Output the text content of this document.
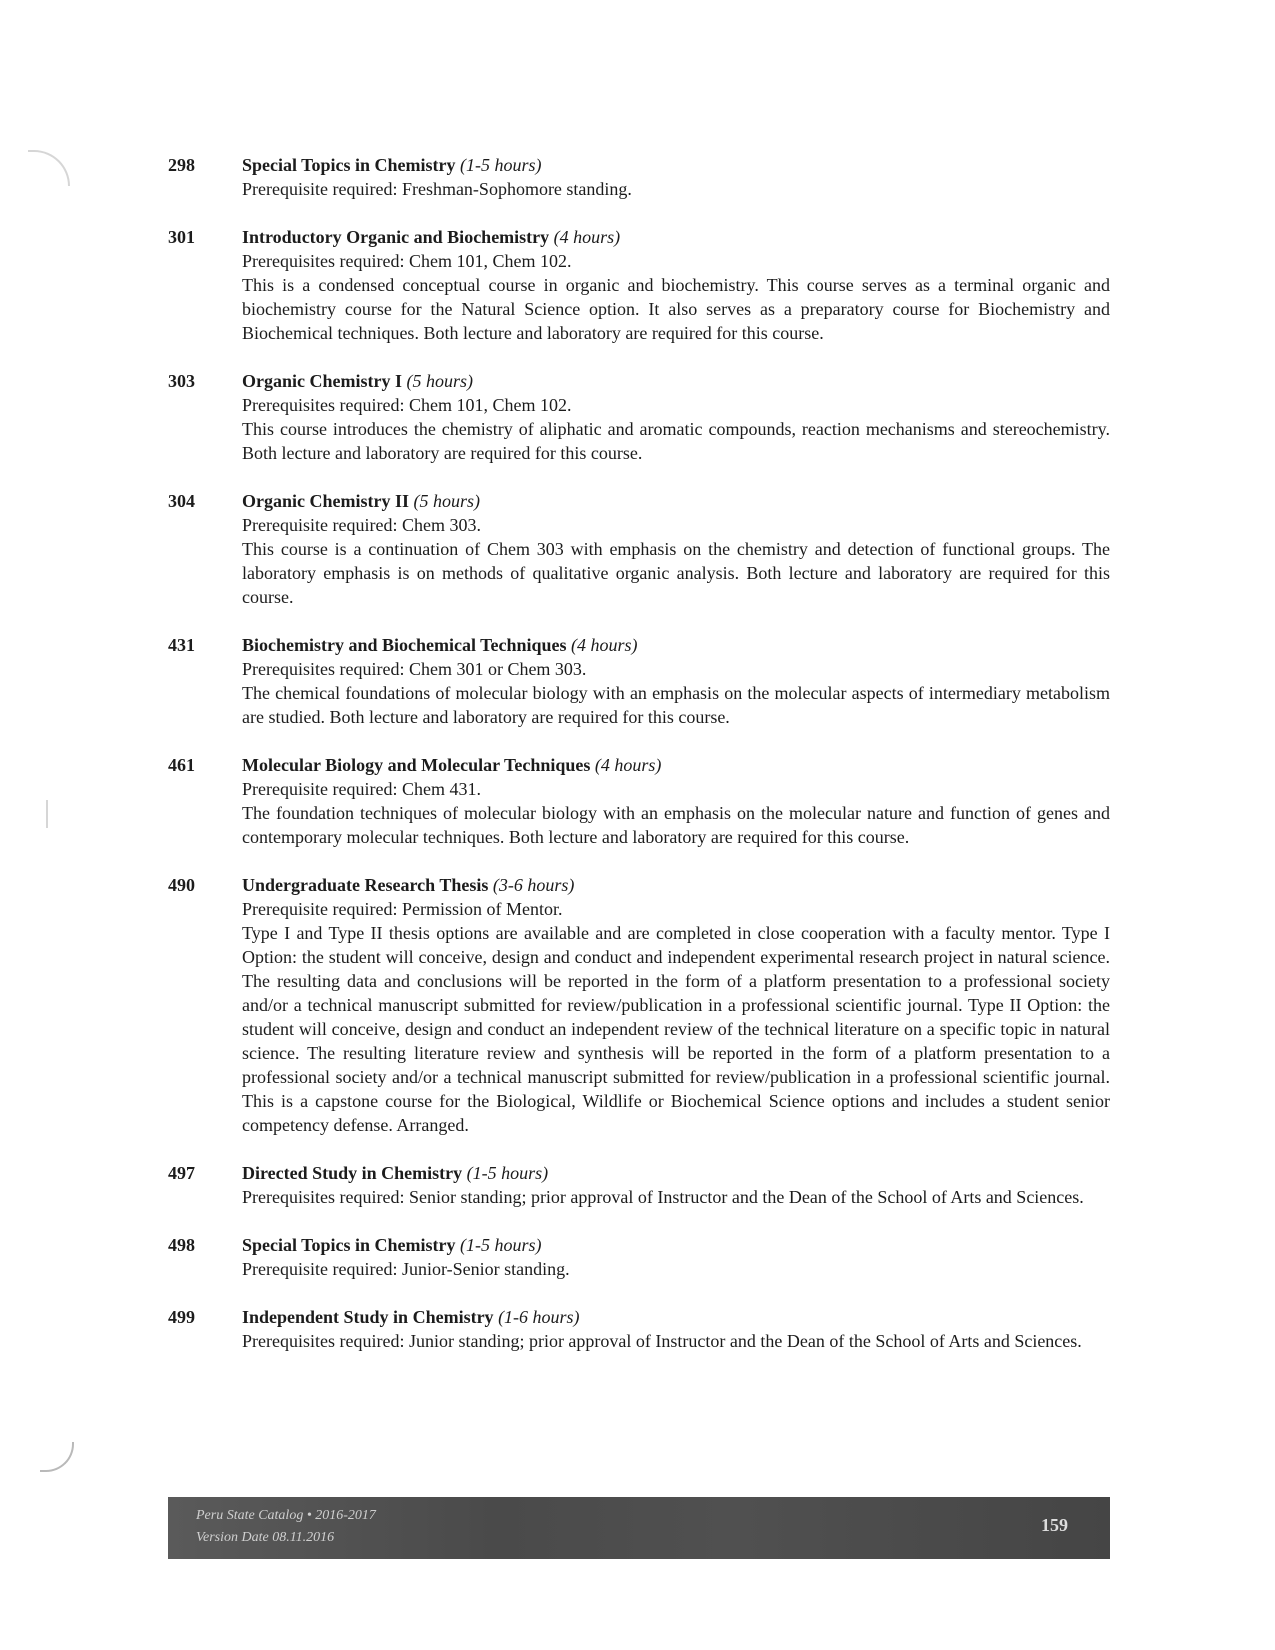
298	Special Topics in Chemistry (1-5 hours)
Prerequisite required: Freshman-Sophomore standing.
301	Introductory Organic and Biochemistry (4 hours)
Prerequisites required: Chem 101, Chem 102.
This is a condensed conceptual course in organic and biochemistry. This course serves as a terminal organic and biochemistry course for the Natural Science option. It also serves as a preparatory course for Biochemistry and Biochemical techniques. Both lecture and laboratory are required for this course.
303	Organic Chemistry I (5 hours)
Prerequisites required: Chem 101, Chem 102.
This course introduces the chemistry of aliphatic and aromatic compounds, reaction mechanisms and stereochemistry. Both lecture and laboratory are required for this course.
304	Organic Chemistry II (5 hours)
Prerequisite required: Chem 303.
This course is a continuation of Chem 303 with emphasis on the chemistry and detection of functional groups. The laboratory emphasis is on methods of qualitative organic analysis. Both lecture and laboratory are required for this course.
431	Biochemistry and Biochemical Techniques (4 hours)
Prerequisites required: Chem 301 or Chem 303.
The chemical foundations of molecular biology with an emphasis on the molecular aspects of intermediary metabolism are studied. Both lecture and laboratory are required for this course.
461	Molecular Biology and Molecular Techniques (4 hours)
Prerequisite required: Chem 431.
The foundation techniques of molecular biology with an emphasis on the molecular nature and function of genes and contemporary molecular techniques. Both lecture and laboratory are required for this course.
490	Undergraduate Research Thesis (3-6 hours)
Prerequisite required: Permission of Mentor.
Type I and Type II thesis options are available and are completed in close cooperation with a faculty mentor. Type I Option: the student will conceive, design and conduct and independent experimental research project in natural science. The resulting data and conclusions will be reported in the form of a platform presentation to a professional society and/or a technical manuscript submitted for review/publication in a professional scientific journal. Type II Option: the student will conceive, design and conduct an independent review of the technical literature on a specific topic in natural science. The resulting literature review and synthesis will be reported in the form of a platform presentation to a professional society and/or a technical manuscript submitted for review/publication in a professional scientific journal. This is a capstone course for the Biological, Wildlife or Biochemical Science options and includes a student senior competency defense. Arranged.
497	Directed Study in Chemistry (1-5 hours)
Prerequisites required: Senior standing; prior approval of Instructor and the Dean of the School of Arts and Sciences.
498	Special Topics in Chemistry (1-5 hours)
Prerequisite required: Junior-Senior standing.
499	Independent Study in Chemistry (1-6 hours)
Prerequisites required: Junior standing; prior approval of Instructor and the Dean of the School of Arts and Sciences.
Peru State Catalog • 2016-2017
Version Date 08.11.2016
159
